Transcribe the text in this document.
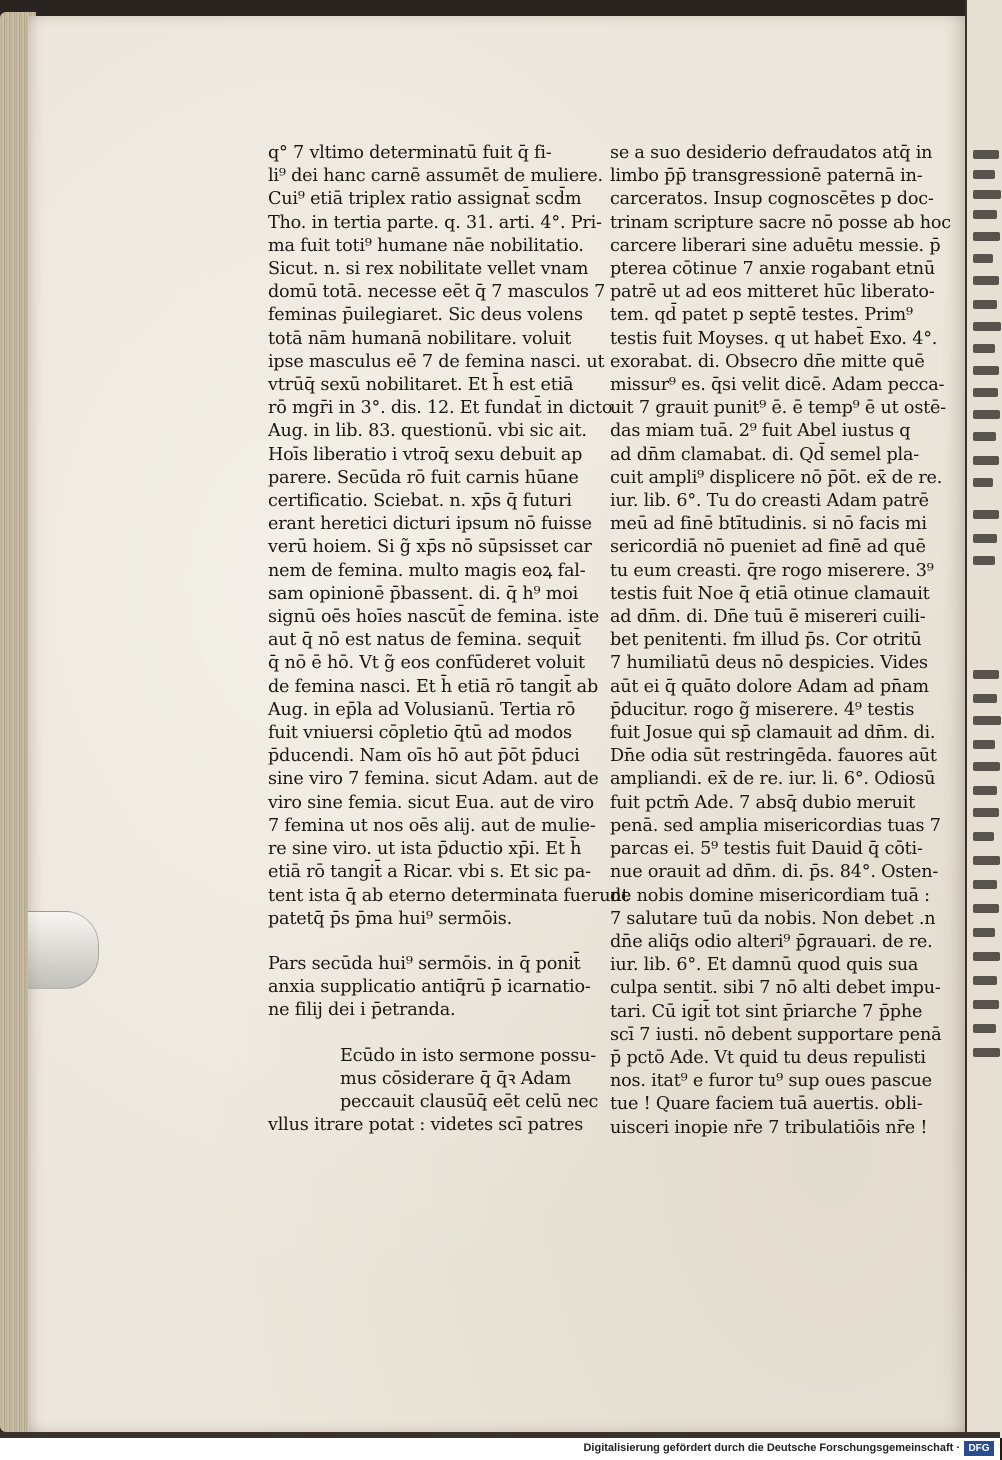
q° 7 vltimo determinatū fuit q̄ fi-
li⁹ dei hanc carnē assumēt de muliere.
Cui⁹ etiā triplex ratio assignat̄ scd̄m
Tho. in tertia parte. q. 31. arti. 4°. Pri-
ma fuit toti⁹ humane nāe nobilitatio.
Sicut. n. si rex nobilitate vellet vnam
domū totā. necesse eēt q̄ 7 masculos 7
feminas p̄uilegiaret. Sic deus volens
totā nām humanā nobilitare. voluit
ipse masculus eē 7 de femina nasci. ut
vtrūq̄ sexū nobilitaret. Et h̄ est etiā
rō mgr̄i in 3°. dis. 12. Et fundat̄ in dicto
Aug. in lib. 83. questionū. vbi sic ait.
Hoīs liberatio i vtroq̄ sexu debuit ap
parere. Secūda rō fuit carnis hūane
certificatio. Sciebat. n. xp̄s q̄ futuri
erant heretici dicturi ipsum nō fuisse
verū hoiem. Si g̃ xp̄s nō sūpsisset car
nem de femina. multo magis eoꝝ fal-
sam opinionē p̄bassent. di. q̄ h⁹ moi
signū oēs hoīes nascūt̄ de femina. iste
aut q̄ nō est natus de femina. sequit̄
q̄ nō ē hō. Vt g̃ eos confūderet voluit
de femina nasci. Et h̄ etiā rō tangit̄ ab
Aug. in ep̄la ad Volusianū. Tertia rō
fuit vniuersi cōpletio q̄tū ad modos
p̄ducendi. Nam oīs hō aut p̄ōt p̄duci
sine viro 7 femina. sicut Adam. aut de
viro sine femia. sicut Eua. aut de viro
7 femina ut nos oēs alij. aut de mulie-
re sine viro. ut ista p̄ductio xp̄i. Et h̄
etiā rō tangit̄ a Ricar. vbi s. Et sic pa-
tent ista q̄ ab eterno determinata fuerunt
patetq̄ p̄s p̄ma hui⁹ sermōis.
Pars secūda hui⁹ sermōis. in q̄ ponit̄
anxia supplicatio antiq̄rū p̄ icarnatio-
ne filij dei i p̄etranda.
Ecūdo in isto sermone possu-
mus cōsiderare q̄ q̄ꝛ Adam
peccauit clausūq̄ eēt celū nec
vllus itrare potat : videtes scī patres
se a suo desiderio defraudatos atq̄ in
limbo p̄p̄ transgressionē paternā in-
carceratos. Insup cognoscētes p doc-
trinam scripture sacre nō posse ab hoc
carcere liberari sine aduētu messie. p̄
pterea cōtinue 7 anxie rogabant etnū
patrē ut ad eos mitteret hūc liberato-
tem. qd̄ patet p septē testes. Prim⁹
testis fuit Moyses. q ut habet̄ Exo. 4°.
exorabat. di. Obsecro dn̄e mitte quē
missur⁹ es. q̄si velit dicē. Adam pecca-
uit 7 grauit punit⁹ ē. ē temp⁹ ē ut ostē-
das miam tuā. 2⁹ fuit Abel iustus q
ad dn̄m clamabat. di. Qd̄ semel pla-
cuit ampli⁹ displicere nō p̄ōt. ex̄ de re.
iur. lib. 6°. Tu do creasti Adam patrē
meū ad finē btītudinis. si nō facis mi
sericordiā nō pueniet ad finē ad quē
tu eum creasti. q̄re rogo miserere. 3⁹
testis fuit Noe q̄ etiā otinue clamauit
ad dn̄m. di. Dn̄e tuū ē misereri cuili-
bet penitenti. fm illud p̄s. Cor otritū
7 humiliatū deus nō despicies. Vides
aūt ei q̄ quāto dolore Adam ad pn̄am
p̄ducitur. rogo g̃ miserere. 4⁹ testis
fuit Josue qui sp̄ clamauit ad dn̄m. di.
Dn̄e odia sūt restringēda. fauores aūt
ampliandi. ex̄ de re. iur. li. 6°. Odiosū
fuit pctm̄ Ade. 7 absq̄ dubio meruit
penā. sed amplia misericordias tuas 7
parcas ei. 5⁹ testis fuit Dauid q̄ cōti-
nue orauit ad dn̄m. di. p̄s. 84°. Osten-
de nobis domine misericordiam tuā :
7 salutare tuū da nobis. Non debet .n
dn̄e aliq̄s odio alteri⁹ p̄grauari. de re.
iur. lib. 6°. Et damnū quod quis sua
culpa sentit. sibi 7 nō alti debet impu-
tari. Cū igit̄ tot sint p̄riarche 7 p̄phe
scī 7 iusti. nō debent supportare penā
p̄ pctō Ade. Vt quid tu deus repulisti
nos. itat⁹ e furor tu⁹ sup oues pascue
tue ! Quare faciem tuā auertis. obli-
uisceri inopie nr̄e 7 tribulatiōis nr̄e !
Digitalisierung gefördert durch die Deutsche Forschungsgemeinschaft · DFG
